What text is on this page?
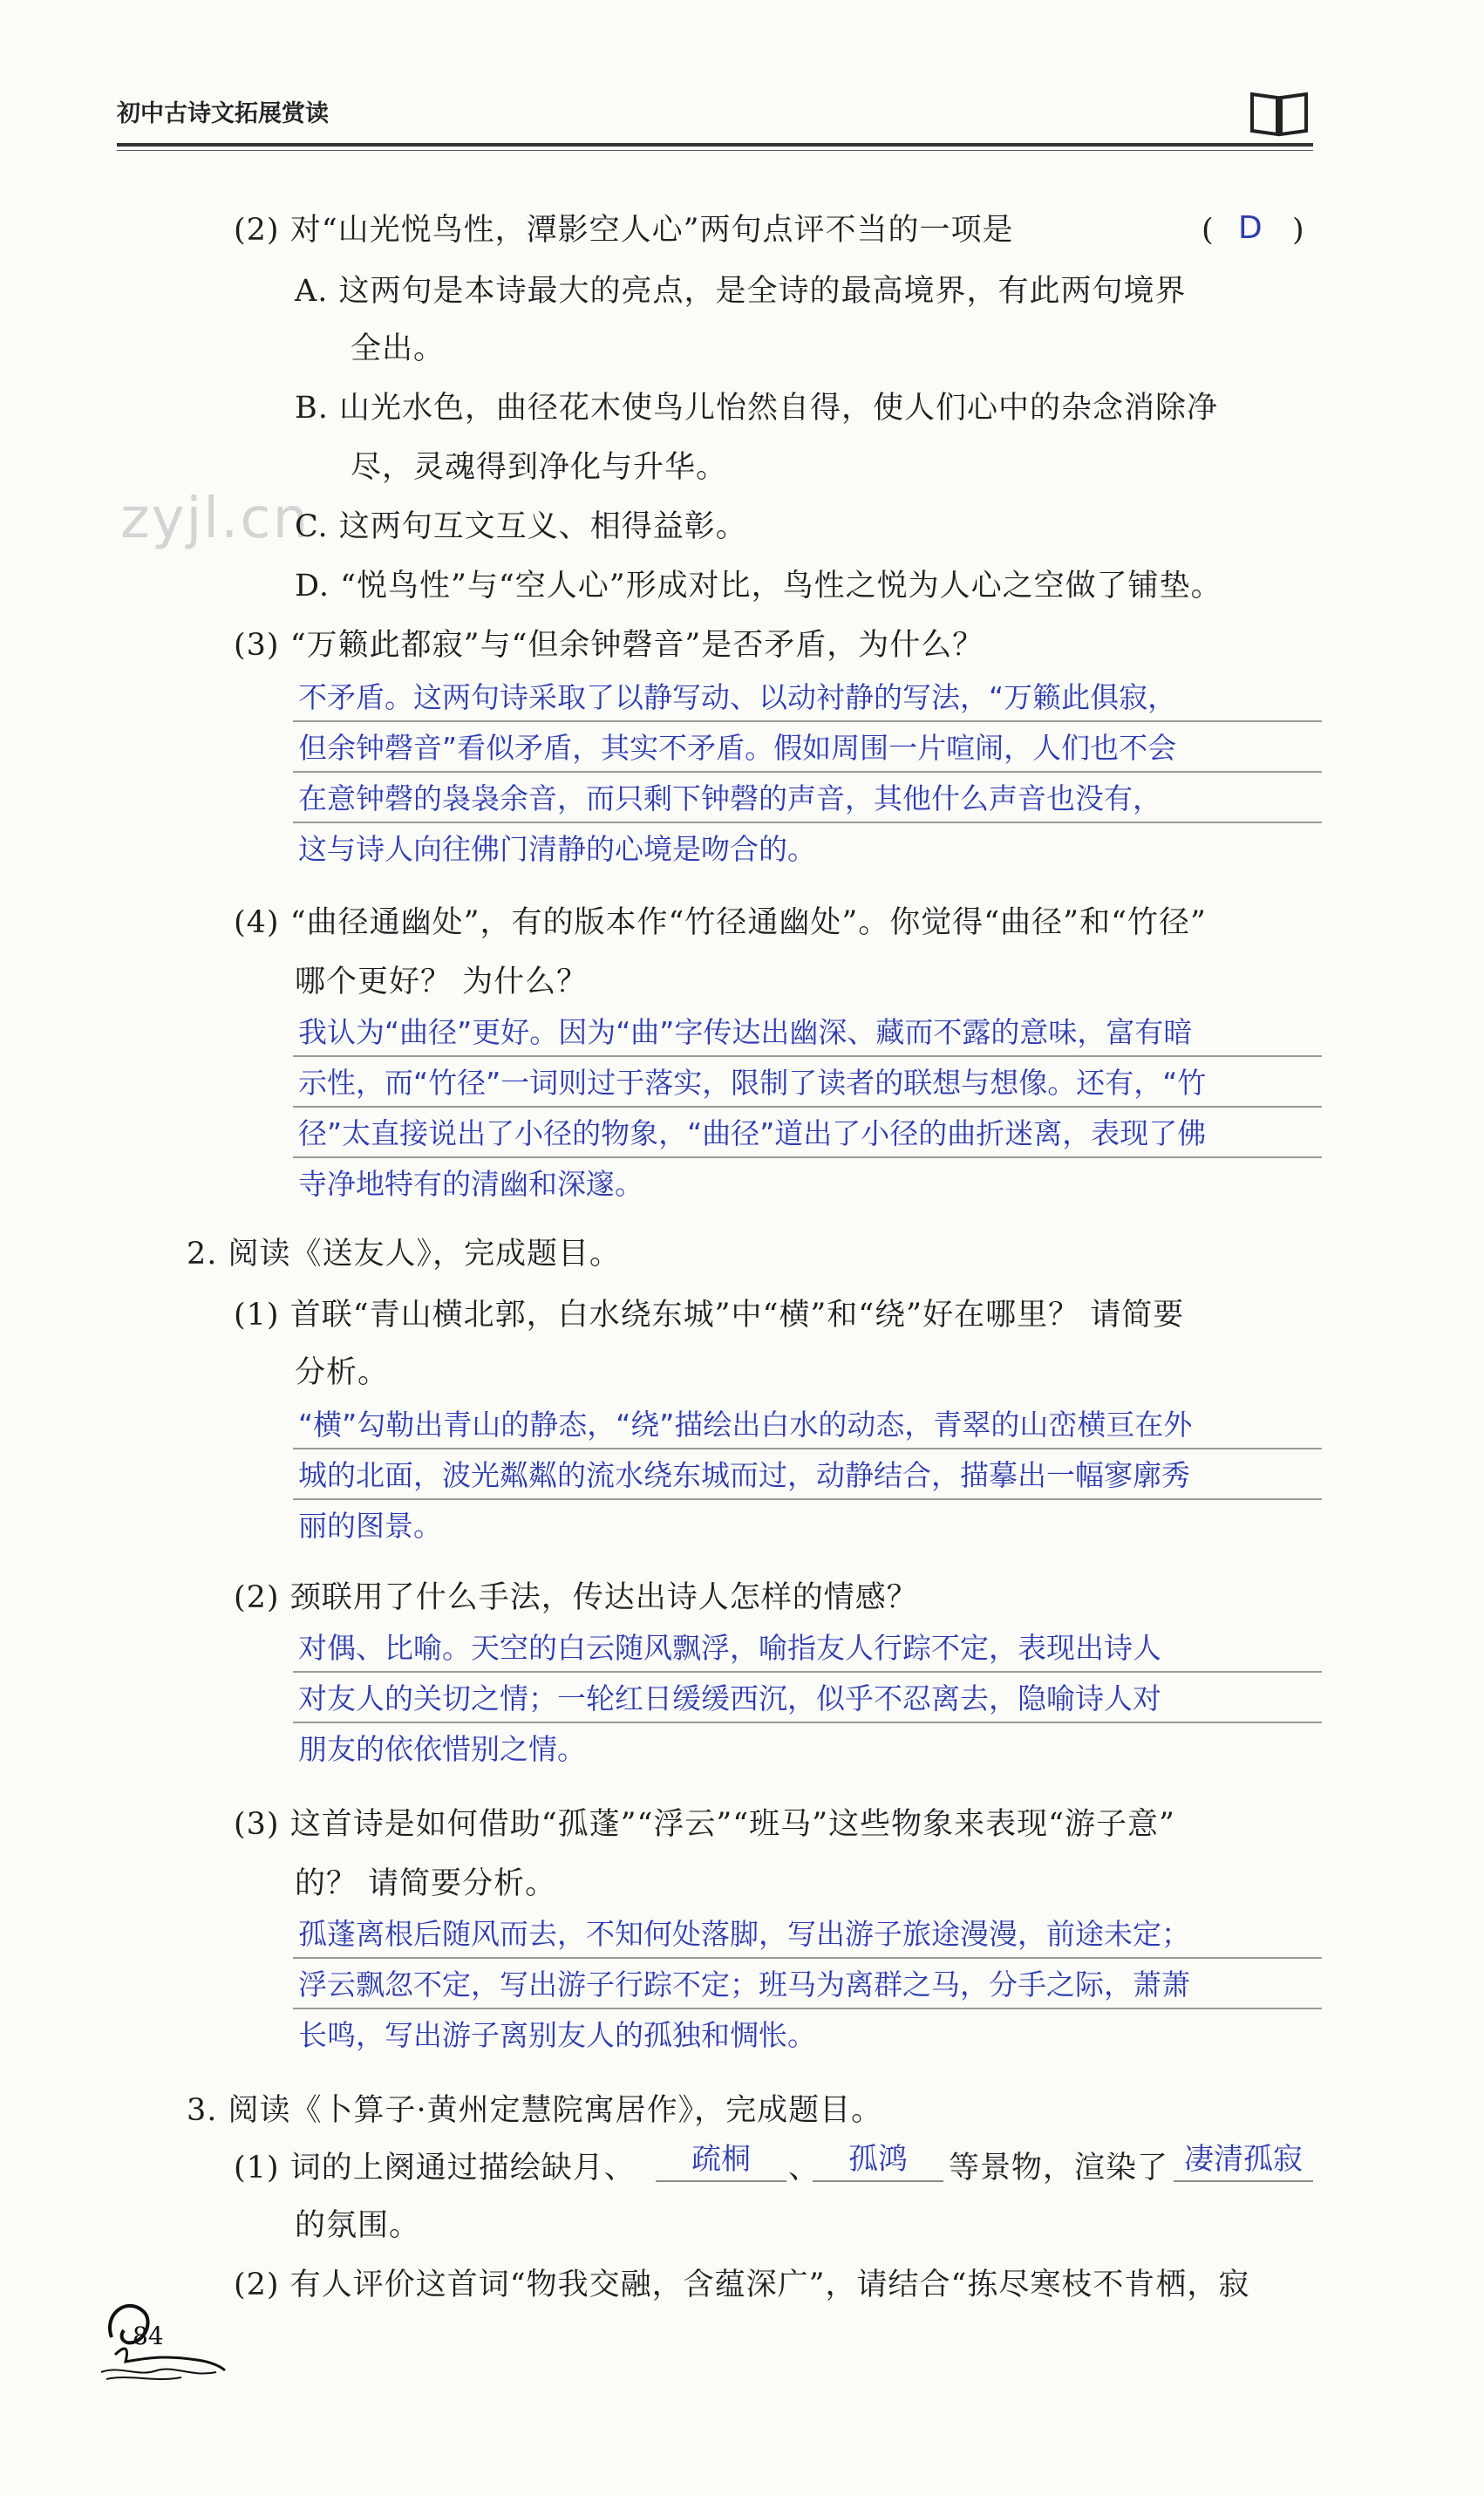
初中古诗文拓展赏读
zyjl.cn
(2) 对“山光悦鸟性，潭影空人心”两句点评不当的一项是	( D )
A. 这两句是本诗最大的亮点，是全诗的最高境界，有此两句境界
全出。
B. 山光水色，曲径花木使鸟儿怡然自得，使人们心中的杂念消除净
尽，灵魂得到净化与升华。
C. 这两句互文互义、相得益彰。
D. “悦鸟性”与“空人心”形成对比，鸟性之悦为人心之空做了铺垫。
(3) “万籁此都寂”与“但余钟磬音”是否矛盾，为什么？
不矛盾。这两句诗采取了以静写动、以动衬静的写法，“万籁此俱寂，
但余钟磬音”看似矛盾，其实不矛盾。假如周围一片喧闹，人们也不会
在意钟磬的袅袅余音，而只剩下钟磬的声音，其他什么声音也没有，
这与诗人向往佛门清静的心境是吻合的。
(4) “曲径通幽处”，有的版本作“竹径通幽处”。你觉得“曲径”和“竹径”
哪个更好？ 为什么？
我认为“曲径”更好。因为“曲”字传达出幽深、藏而不露的意味，富有暗
示性，而“竹径”一词则过于落实，限制了读者的联想与想像。还有，“竹
径”太直接说出了小径的物象，“曲径”道出了小径的曲折迷离，表现了佛
寺净地特有的清幽和深邃。
2. 阅读《送友人》，完成题目。
(1) 首联“青山横北郭，白水绕东城”中“横”和“绕”好在哪里？ 请简要
分析。
“横”勾勒出青山的静态，“绕”描绘出白水的动态，青翠的山峦横亘在外
城的北面，波光粼粼的流水绕东城而过，动静结合，描摹出一幅寥廓秀
丽的图景。
(2) 颈联用了什么手法，传达出诗人怎样的情感？
对偶、比喻。天空的白云随风飘浮，喻指友人行踪不定，表现出诗人
对友人的关切之情；一轮红日缓缓西沉，似乎不忍离去，隐喻诗人对
朋友的依依惜别之情。
(3) 这首诗是如何借助“孤蓬”“浮云”“班马”这些物象来表现“游子意”
的？ 请简要分析。
孤蓬离根后随风而去，不知何处落脚，写出游子旅途漫漫，前途未定；
浮云飘忽不定，写出游子行踪不定；班马为离群之马，分手之际，萧萧
长鸣，写出游子离别友人的孤独和惆怅。
3. 阅读《卜算子·黄州定慧院寓居作》，完成题目。
(1) 词的上阕通过描绘缺月、	疏桐	、 孤鸿	等景物，渲染了 凄清孤寂
的氛围。
(2) 有人评价这首词“物我交融，含蕴深广”，请结合“拣尽寒枝不肯栖，寂
84
